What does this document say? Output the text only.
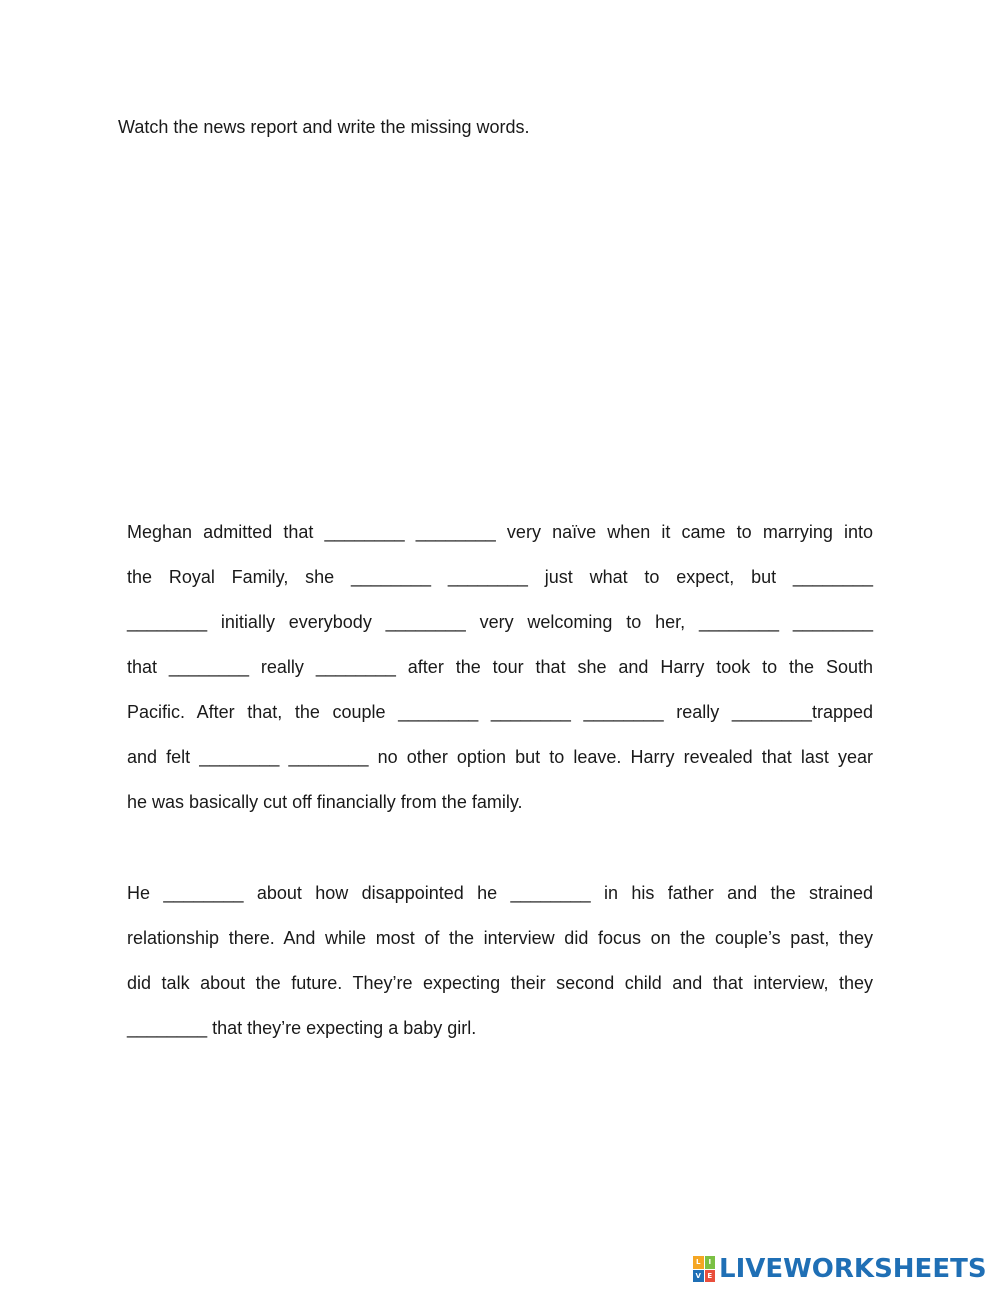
Watch the news report and write the missing words.
Meghan admitted that ________ ________ very naïve when it came to marrying into
the Royal Family, she ________ ________ just what to expect, but ________
________ initially everybody ________ very welcoming to her, ________ ________
that ________ really ________ after the tour that she and Harry took to the South
Pacific. After that, the couple ________ ________ ________ really ________trapped
and felt ________ ________ no other option but to leave. Harry revealed that last year
he was basically cut off financially from the family.
He ________ about how disappointed he ________ in his father and the strained
relationship there. And while most of the interview did focus on the couple’s past, they
did talk about the future. They’re expecting their second child and that interview, they
________ that they’re expecting a baby girl.
L	I
V E LIVEWORKSHEETS
